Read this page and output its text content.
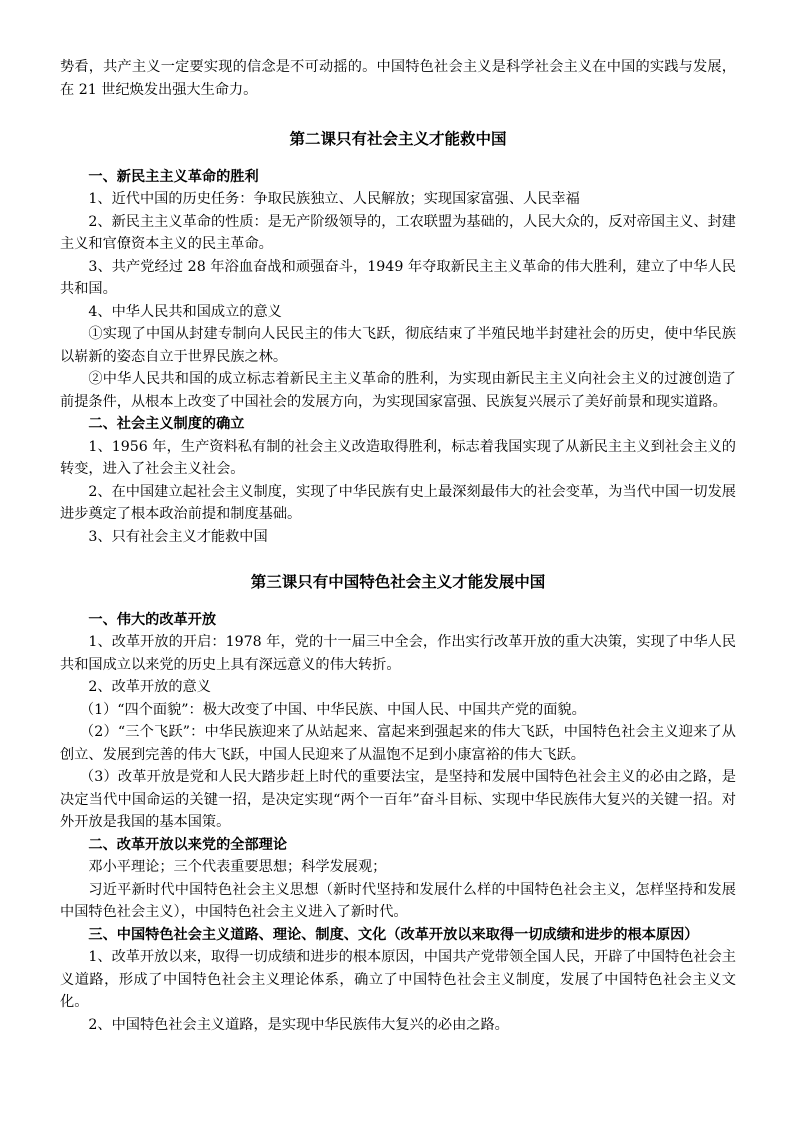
势看，共产主义一定要实现的信念是不可动摇的。中国特色社会主义是科学社会主义在中国的实践与发展，在 21 世纪焕发出强大生命力。

第二课只有社会主义才能救中国
一、新民主主义革命的胜利

1、近代中国的历史任务：争取民族独立、人民解放；实现国家富强、人民幸福

2、新民主主义革命的性质：是无产阶级领导的，工农联盟为基础的，人民大众的，反对帝国主义、封建主义和官僚资本主义的民主革命。

3、共产党经过 28 年浴血奋战和顽强奋斗，1949 年夺取新民主主义革命的伟大胜利，建立了中华人民共和国。

4、中华人民共和国成立的意义

①实现了中国从封建专制向人民民主的伟大飞跃，彻底结束了半殖民地半封建社会的历史，使中华民族以崭新的姿态自立于世界民族之林。

②中华人民共和国的成立标志着新民主主义革命的胜利，为实现由新民主主义向社会主义的过渡创造了前提条件，从根本上改变了中国社会的发展方向，为实现国家富强、民族复兴展示了美好前景和现实道路。

二、社会主义制度的确立

1、1956 年，生产资料私有制的社会主义改造取得胜利，标志着我国实现了从新民主主义到社会主义的转变，进入了社会主义社会。

2、在中国建立起社会主义制度，实现了中华民族有史上最深刻最伟大的社会变革，为当代中国一切发展进步奠定了根本政治前提和制度基础。

3、只有社会主义才能救中国

第三课只有中国特色社会主义才能发展中国
一、伟大的改革开放

1、改革开放的开启：1978 年，党的十一届三中全会，作出实行改革开放的重大决策，实现了中华人民共和国成立以来党的历史上具有深远意义的伟大转折。

2、改革开放的意义

（1）“四个面貌”：极大改变了中国、中华民族、中国人民、中国共产党的面貌。

（2）“三个飞跃”：中华民族迎来了从站起来、富起来到强起来的伟大飞跃，中国特色社会主义迎来了从创立、发展到完善的伟大飞跃，中国人民迎来了从温饱不足到小康富裕的伟大飞跃。

（3）改革开放是党和人民大踏步赶上时代的重要法宝，是坚持和发展中国特色社会主义的必由之路，是决定当代中国命运的关键一招，是决定实现“两个一百年”奋斗目标、实现中华民族伟大复兴的关键一招。对外开放是我国的基本国策。

二、改革开放以来党的全部理论

邓小平理论；三个代表重要思想；科学发展观；

习近平新时代中国特色社会主义思想（新时代坚持和发展什么样的中国特色社会主义，怎样坚持和发展中国特色社会主义），中国特色社会主义进入了新时代。

三、中国特色社会主义道路、理论、制度、文化（改革开放以来取得一切成绩和进步的根本原因）

1、改革开放以来，取得一切成绩和进步的根本原因，中国共产党带领全国人民，开辟了中国特色社会主义道路，形成了中国特色社会主义理论体系，确立了中国特色社会主义制度，发展了中国特色社会主义文化。

2、中国特色社会主义道路，是实现中华民族伟大复兴的必由之路。
